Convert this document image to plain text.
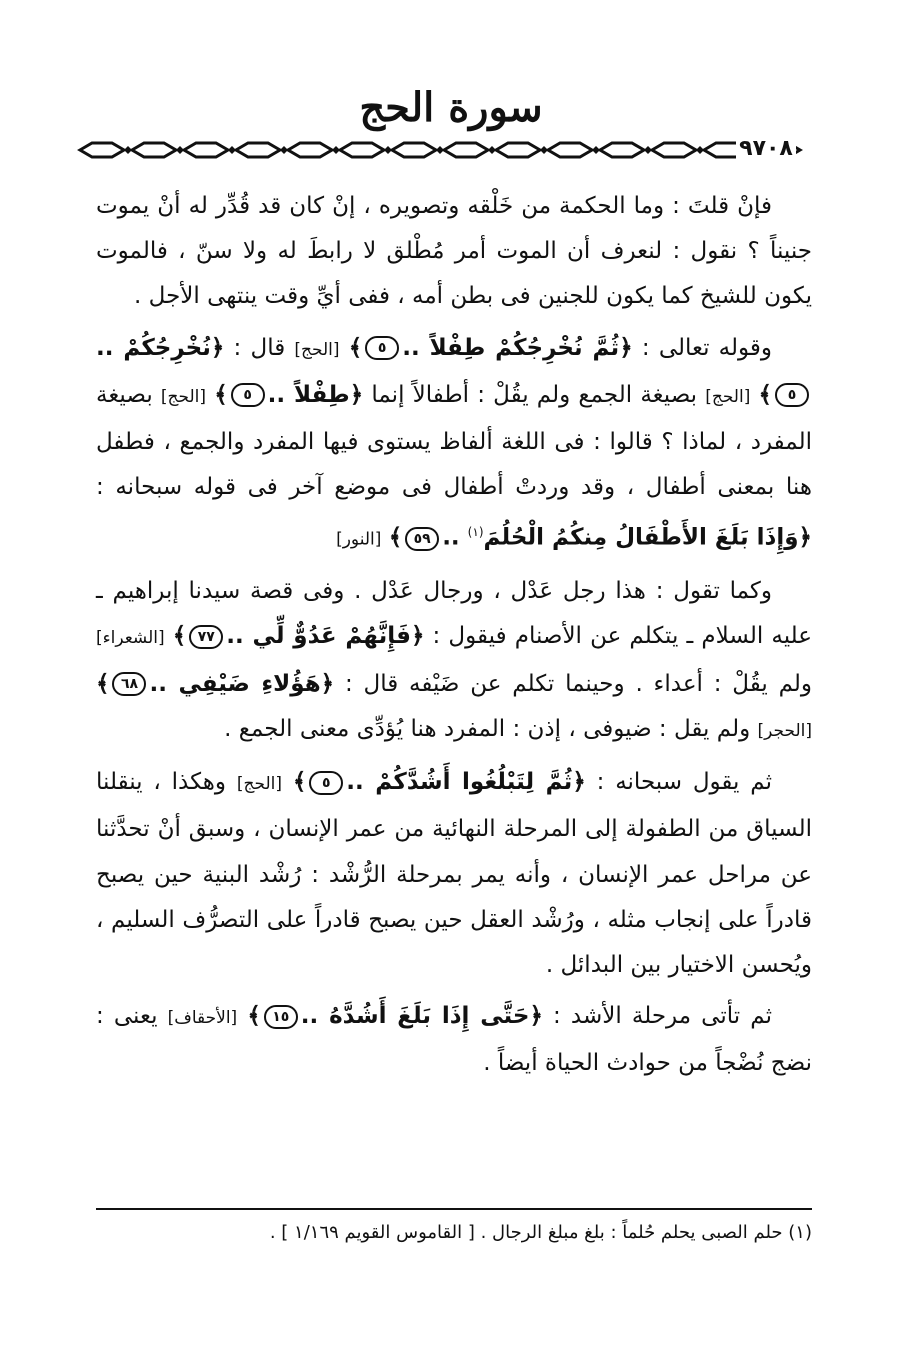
سورة الحج
٩٧٠٨

فإنْ قلتَ : وما الحكمة من خَلْقه وتصويره ، إنْ كان قد قُدِّر له أنْ يموت جنيناً ؟ نقول : لنعرف أن الموت أمر مُطْلق لا رابطَ له ولا سنّ ، فالموت يكون للشيخ كما يكون للجنين فى بطن أمه ، ففى أيِّ وقت ينتهى الأجل .

وقوله تعالى : ﴿ثُمَّ نُخْرِجُكُمْ طِفْلاً ..٥﴾ [الحج] قال : ﴿نُخْرِجُكُمْ ..٥﴾ [الحج] بصيغة الجمع ولم يقُلْ : أطفالاً إنما ﴿طِفْلاً ..٥﴾ [الحج] بصيغة المفرد ، لماذا ؟ قالوا : فى اللغة ألفاظ يستوى فيها المفرد والجمع ، فطفل هنا بمعنى أطفال ، وقد وردتْ أطفال فى موضع آخر فى قوله سبحانه : ﴿وَإِذَا بَلَغَ الأَطْفَالُ مِنكُمُ الْحُلُمَ$^{(١)}$ ..٥٩﴾ [النور]

وكما تقول : هذا رجل عَدْل ، ورجال عَدْل . وفى قصة سيدنا إبراهيم ـ عليه السلام ـ يتكلم عن الأصنام فيقول : ﴿فَإِنَّهُمْ عَدُوٌّ لِّي ..٧٧﴾ [الشعراء] ولم يقُلْ : أعداء . وحينما تكلم عن ضَيْفه قال : ﴿هَؤُلاءِ ضَيْفِي ..٦٨﴾ [الحجر] ولم يقل : ضيوفى ، إذن : المفرد هنا يُؤدِّى معنى الجمع .

ثم يقول سبحانه : ﴿ثُمَّ لِتَبْلُغُوا أَشُدَّكُمْ ..٥﴾ [الحج] وهكذا ، ينقلنا السياق من الطفولة إلى المرحلة النهائية من عمر الإنسان ، وسبق أنْ تحدَّثنا عن مراحل عمر الإنسان ، وأنه يمر بمرحلة الرُّشْد : رُشْد البنية حين يصبح قادراً على إنجاب مثله ، ورُشْد العقل حين يصبح قادراً على التصرُّف السليم ، ويُحسن الاختيار بين البدائل .

ثم تأتى مرحلة الأشد : ﴿حَتَّى إِذَا بَلَغَ أَشُدَّهُ ..١٥﴾ [الأحقاف] يعنى : نضج نُضْجاً من حوادث الحياة أيضاً .

(١) حلم الصبى يحلم حُلماً : بلغ مبلغ الرجال . [ القاموس القويم ١/١٦٩ ] .
